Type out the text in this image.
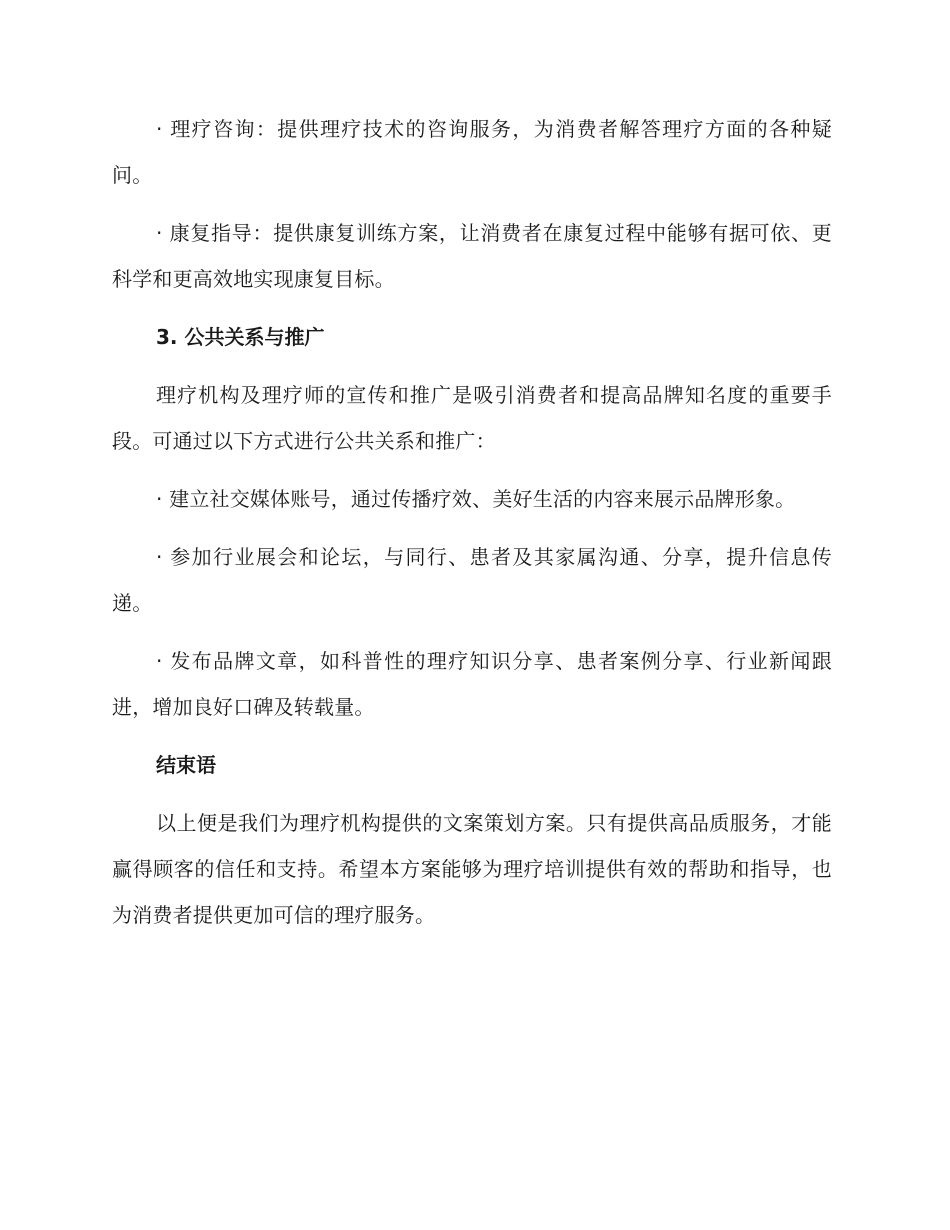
· 理疗咨询：提供理疗技术的咨询服务，为消费者解答理疗方面的各种疑问。

· 康复指导：提供康复训练方案，让消费者在康复过程中能够有据可依、更科学和更高效地实现康复目标。

3. 公共关系与推广

理疗机构及理疗师的宣传和推广是吸引消费者和提高品牌知名度的重要手段。可通过以下方式进行公共关系和推广：

· 建立社交媒体账号，通过传播疗效、美好生活的内容来展示品牌形象。

· 参加行业展会和论坛，与同行、患者及其家属沟通、分享，提升信息传递。

· 发布品牌文章，如科普性的理疗知识分享、患者案例分享、行业新闻跟进，增加良好口碑及转载量。

结束语

以上便是我们为理疗机构提供的文案策划方案。只有提供高品质服务，才能赢得顾客的信任和支持。希望本方案能够为理疗培训提供有效的帮助和指导，也为消费者提供更加可信的理疗服务。
